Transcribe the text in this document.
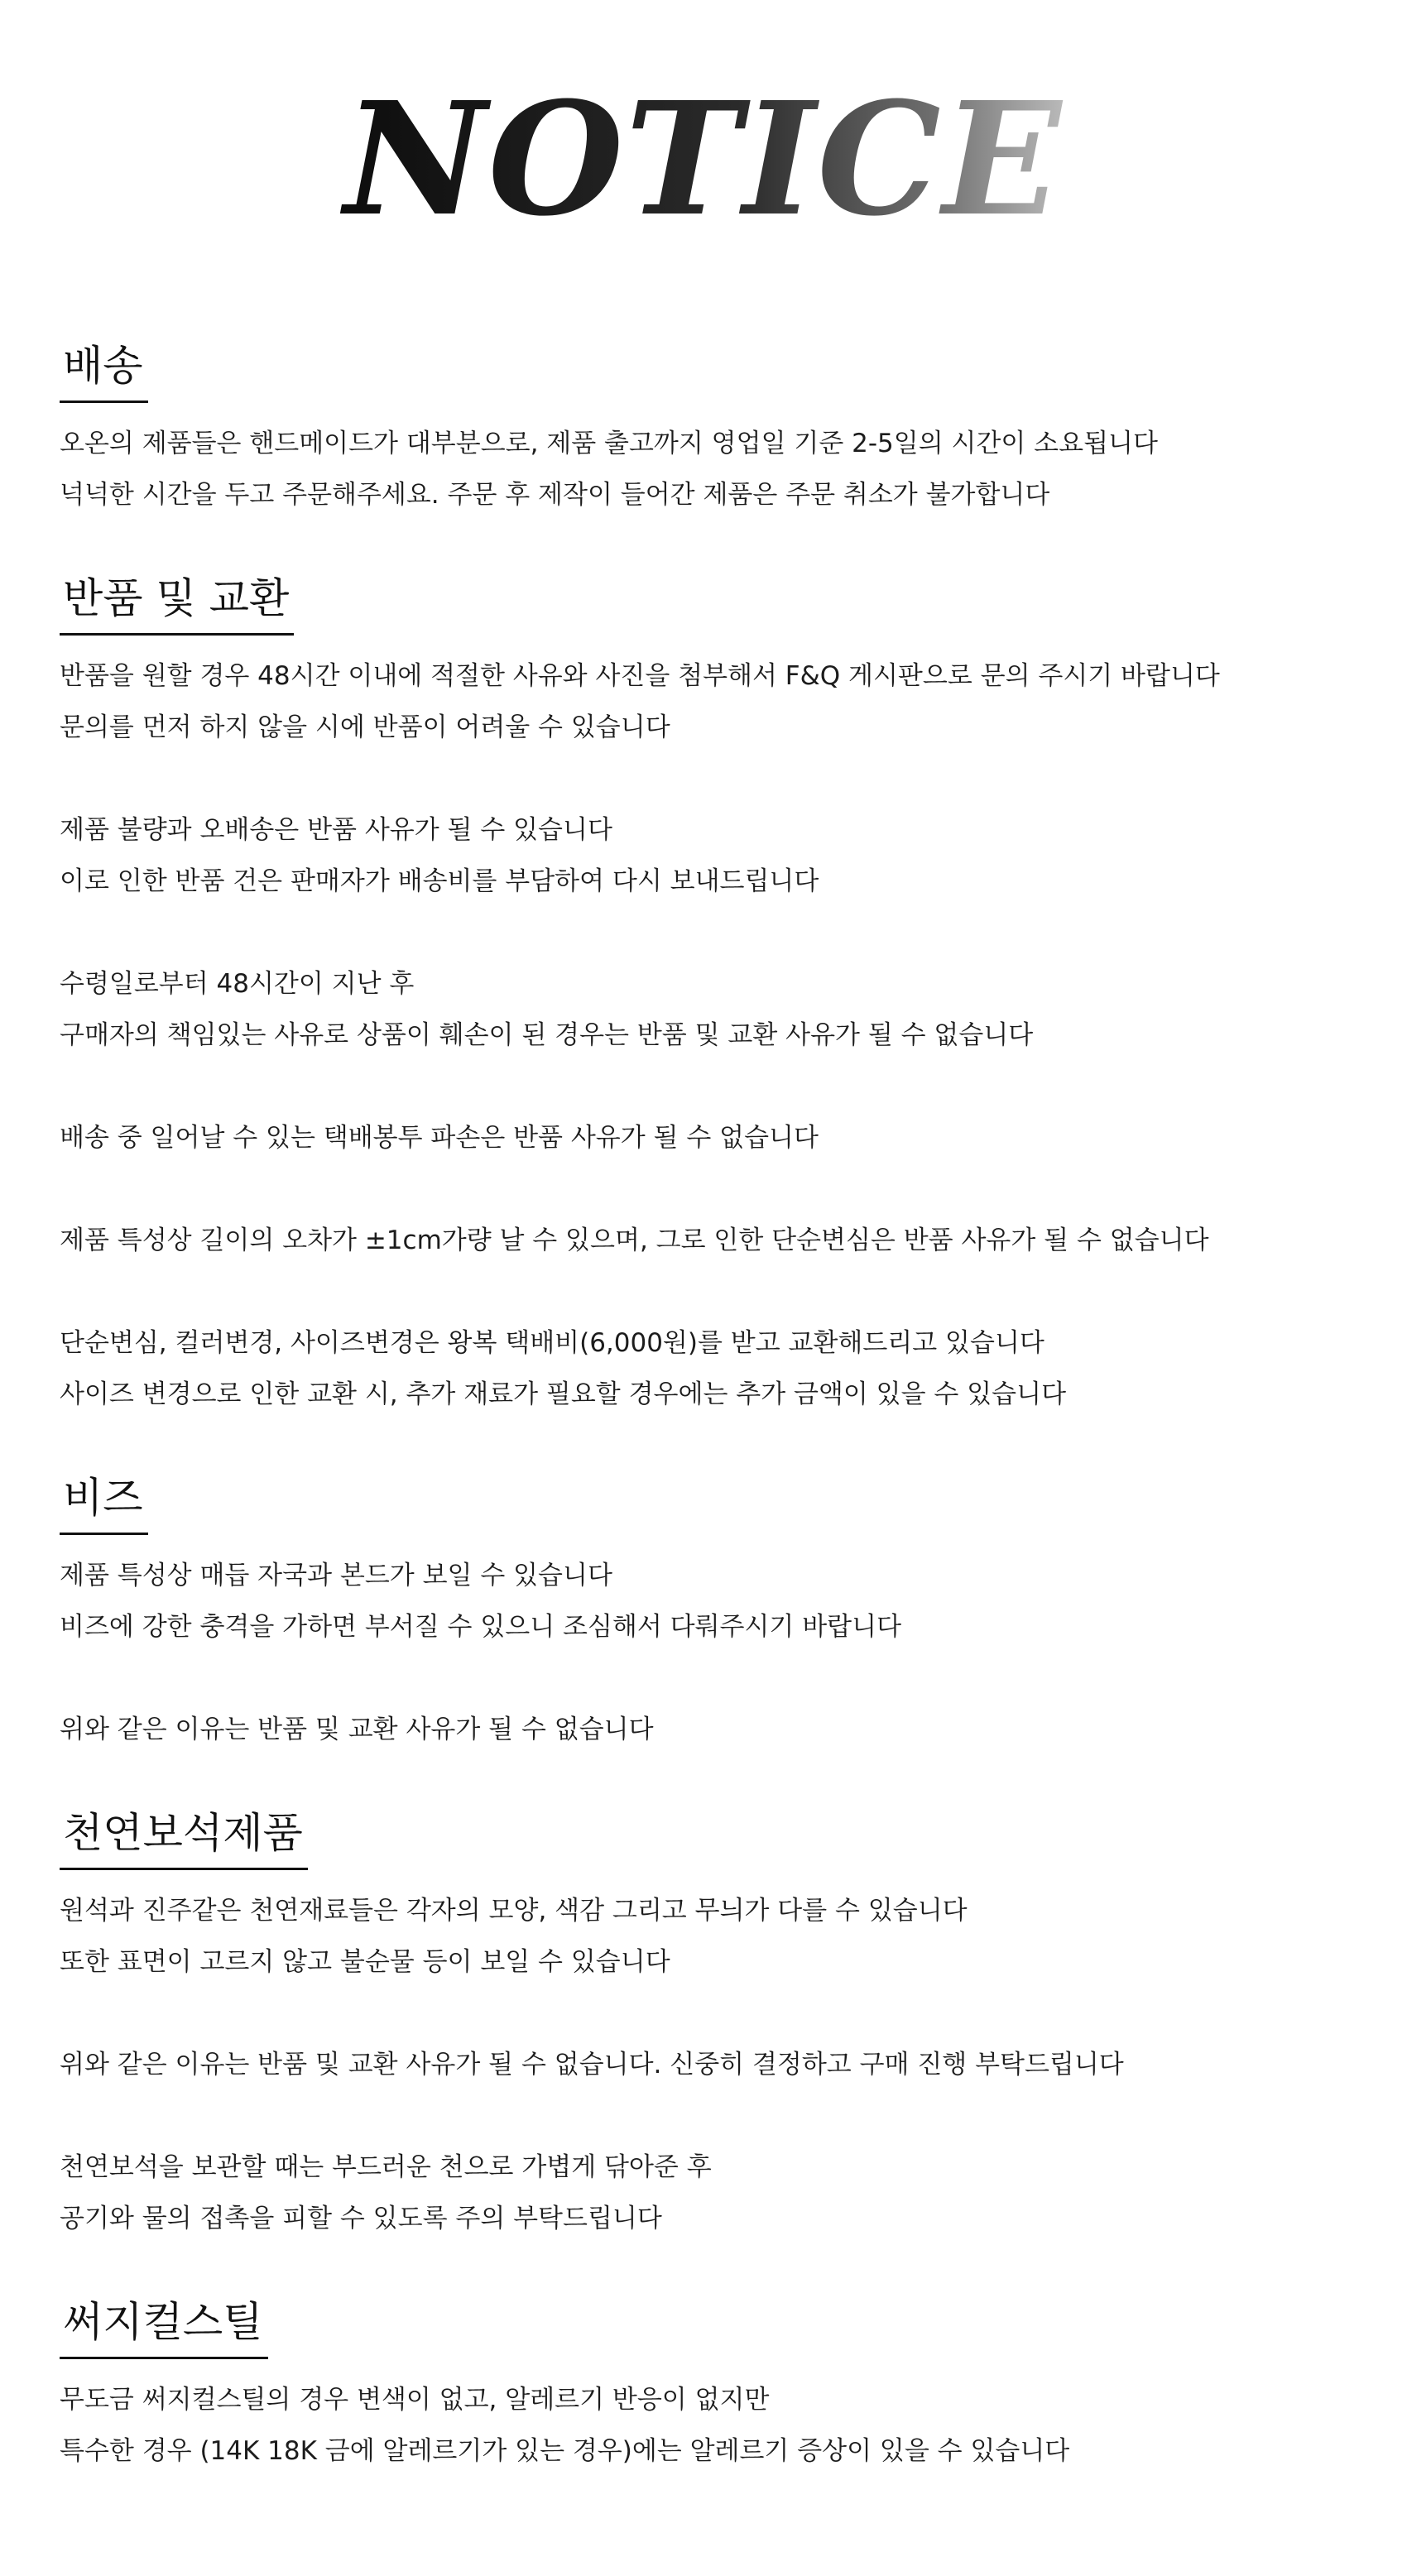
NOTICE
배송

오온의 제품들은 핸드메이드가 대부분으로, 제품 출고까지 영업일 기준 2-5일의 시간이 소요됩니다
넉넉한 시간을 두고 주문해주세요. 주문 후 제작이 들어간 제품은 주문 취소가 불가합니다

반품 및 교환

반품을 원할 경우 48시간 이내에 적절한 사유와 사진을 첨부해서 F&Q 게시판으로 문의 주시기 바랍니다
문의를 먼저 하지 않을 시에 반품이 어려울 수 있습니다

제품 불량과 오배송은 반품 사유가 될 수 있습니다
이로 인한 반품 건은 판매자가 배송비를 부담하여 다시 보내드립니다

수령일로부터 48시간이 지난 후
구매자의 책임있는 사유로 상품이 훼손이 된 경우는 반품 및 교환 사유가 될 수 없습니다

배송 중 일어날 수 있는 택배봉투 파손은 반품 사유가 될 수 없습니다

제품 특성상 길이의 오차가 ±1cm가량 날 수 있으며, 그로 인한 단순변심은 반품 사유가 될 수 없습니다

단순변심, 컬러변경, 사이즈변경은 왕복 택배비(6,000원)를 받고 교환해드리고 있습니다
사이즈 변경으로 인한 교환 시, 추가 재료가 필요할 경우에는 추가 금액이 있을 수 있습니다

비즈

제품 특성상 매듭 자국과 본드가 보일 수 있습니다
비즈에 강한 충격을 가하면 부서질 수 있으니 조심해서 다뤄주시기 바랍니다

위와 같은 이유는 반품 및 교환 사유가 될 수 없습니다

천연보석제품

원석과 진주같은 천연재료들은 각자의 모양, 색감 그리고 무늬가 다를 수 있습니다
또한 표면이 고르지 않고 불순물 등이 보일 수 있습니다

위와 같은 이유는 반품 및 교환 사유가 될 수 없습니다. 신중히 결정하고 구매 진행 부탁드립니다

천연보석을 보관할 때는 부드러운 천으로 가볍게 닦아준 후
공기와 물의 접촉을 피할 수 있도록 주의 부탁드립니다

써지컬스틸

무도금 써지컬스틸의 경우 변색이 없고, 알레르기 반응이 없지만
특수한 경우 (14K 18K 금에 알레르기가 있는 경우)에는 알레르기 증상이 있을 수 있습니다
